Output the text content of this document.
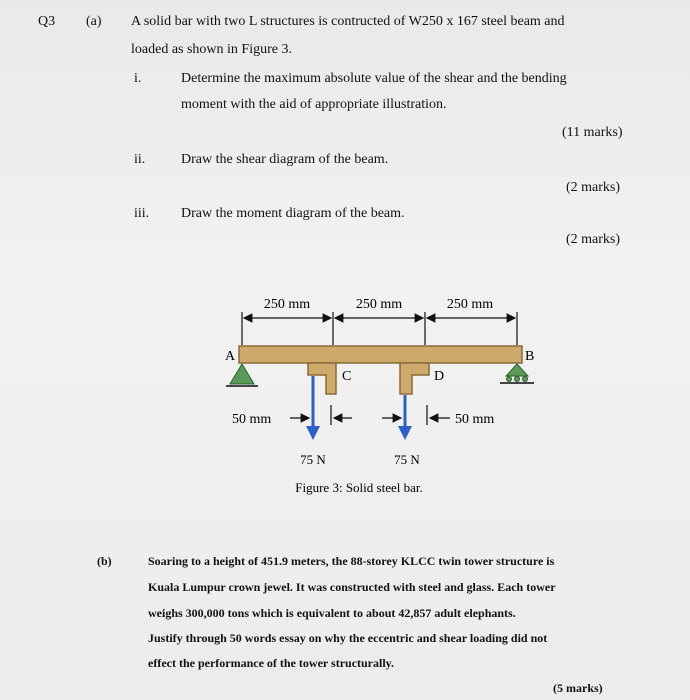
Q3 (a) A solid bar with two L structures is contructed of W250 x 167 steel beam and
loaded as shown in Figure 3.
i.	Determine the maximum absolute value of the shear and the bending
moment with the aid of appropriate illustration.
(11 marks)
ii.	Draw the shear diagram of the beam.
(2 marks)
iii. Draw the moment diagram of the beam.
(2 marks)
250 mm	250 mm	250 mm
A	B
C	D
50 mm	50 mm
75 N	75 N
Figure 3: Solid steel bar.
(b)	Soaring to a height of 451.9 meters, the 88-storey KLCC twin tower structure is
Kuala Lumpur crown jewel. It was constructed with steel and glass. Each tower
weighs 300,000 tons which is equivalent to about 42,857 adult elephants.
Justify through 50 words essay on why the eccentric and shear loading did not
effect the performance of the tower structurally.
(5 marks)
